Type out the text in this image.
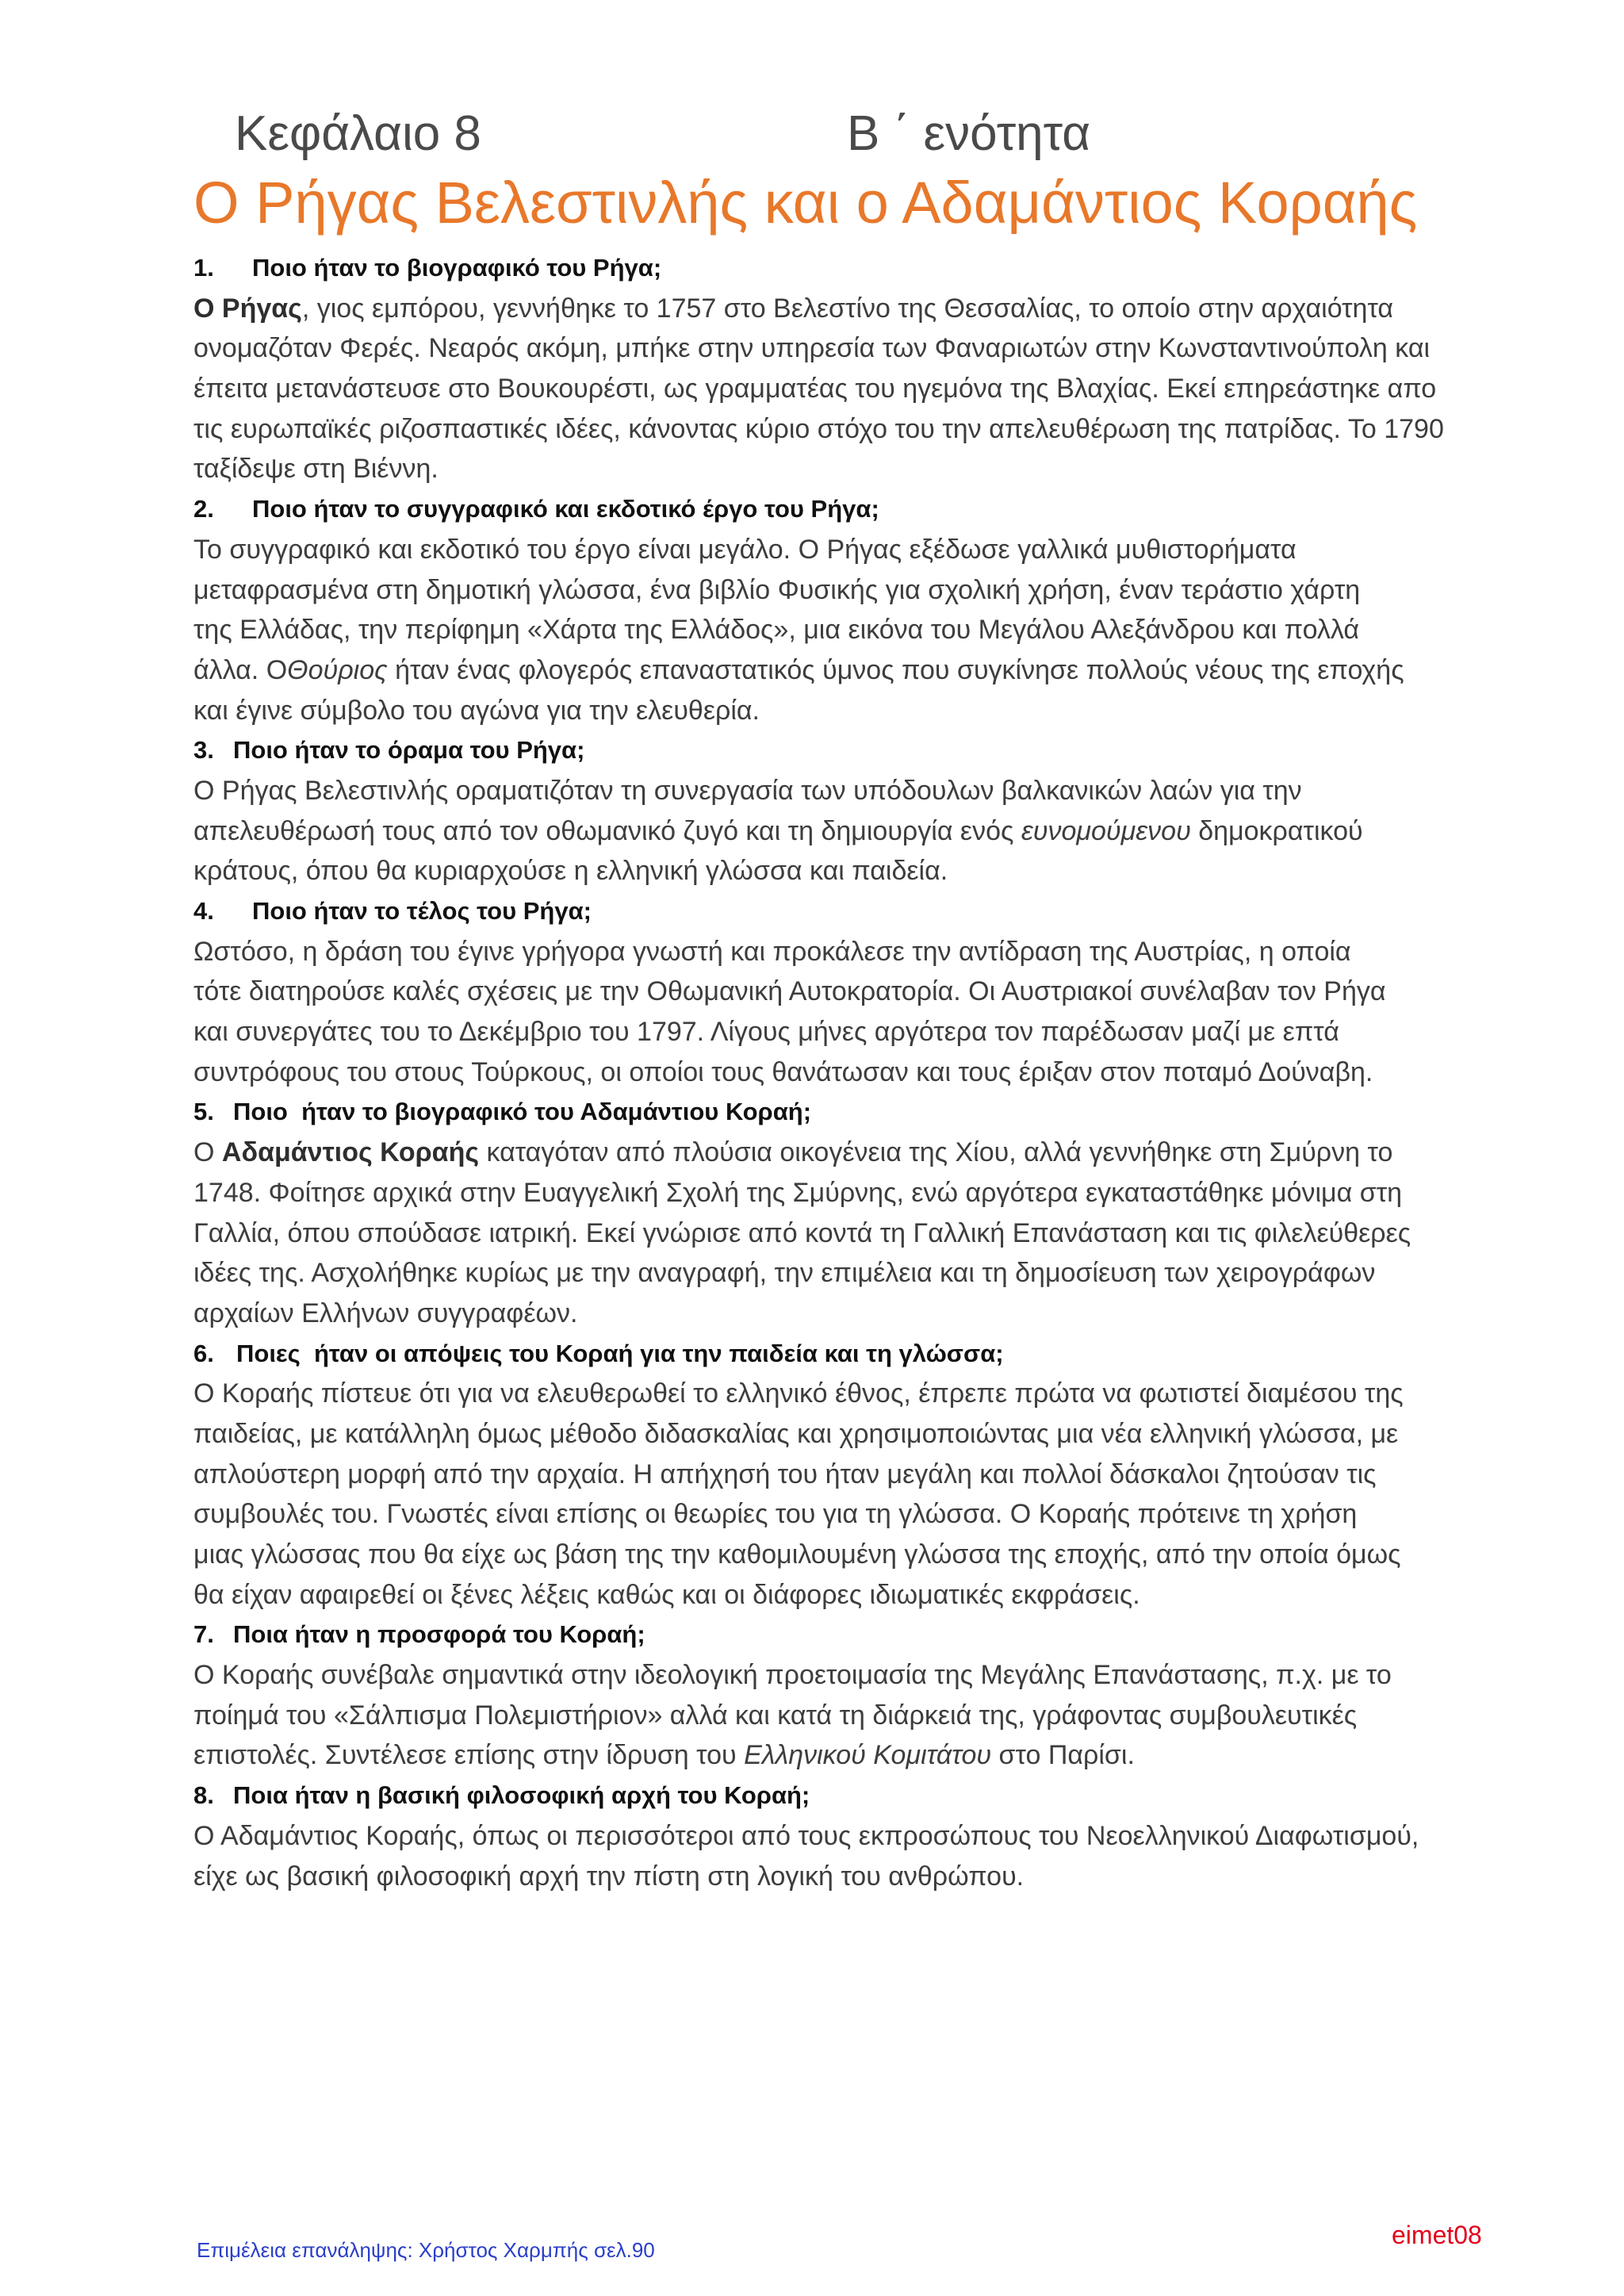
Κεφάλαιο 8	Β ΄ ενότητα
Ο Ρήγας Βελεστινλής και ο Αδαμάντιος Κοραής

1.

Ποιο ήταν το βιογραφικό του Ρήγα;

Ο Ρήγας, γιος εμπόρου, γεννήθηκε το 1757 στο Βελεστίνο της Θεσσαλίας, το οποίο στην αρχαιότητα
ονομαζόταν Φερές. Νεαρός ακόμη, μπήκε στην υπηρεσία των Φαναριωτών στην Κωνσταντινούπολη και
έπειτα μετανάστευσε στο Βουκουρέστι, ως γραμματέας του ηγεμόνα της Βλαχίας. Εκεί επηρεάστηκε απο
τις ευρωπαϊκές ριζοσπαστικές ιδέες, κάνοντας κύριο στόχο του την απελευθέρωση της πατρίδας. Το 1790
ταξίδεψε στη Βιέννη.

2.

Ποιο ήταν το συγγραφικό και εκδοτικό έργο του Ρήγα;

Το συγγραφικό και εκδοτικό του έργο είναι μεγάλο. Ο Ρήγας εξέδωσε γαλλικά μυθιστορήματα
μεταφρασμένα στη δημοτική γλώσσα, ένα βιβλίο Φυσικής για σχολική χρήση, έναν τεράστιο χάρτη
της Ελλάδας, την περίφημη «Χάρτα της Ελλάδος», μια εικόνα του Μεγάλου Αλεξάνδρου και πολλά
άλλα. ΟΘούριος ήταν ένας φλογερός επαναστατικός ύμνος που συγκίνησε πολλούς νέους της εποχής
και έγινε σύμβολο του αγώνα για την ελευθερία.

3.

Ποιο ήταν το όραμα του Ρήγα;

Ο Ρήγας Βελεστινλής οραματιζόταν τη συνεργασία των υπόδουλων βαλκανικών λαών για την
απελευθέρωσή τους από τον οθωμανικό ζυγό και τη δημιουργία ενός ευνομούμενου δημοκρατικού
κράτους, όπου θα κυριαρχούσε η ελληνική γλώσσα και παιδεία.

4.

Ποιο ήταν το τέλος του Ρήγα;

Ωστόσο, η δράση του έγινε γρήγορα γνωστή και προκάλεσε την αντίδραση της Αυστρίας, η οποία
τότε διατηρούσε καλές σχέσεις με την Οθωμανική Αυτοκρατορία. Οι Αυστριακοί συνέλαβαν τον Ρήγα
και συνεργάτες του το Δεκέμβριο του 1797. Λίγους μήνες αργότερα τον παρέδωσαν μαζί με επτά
συντρόφους του στους Τούρκους, οι οποίοι τους θανάτωσαν και τους έριξαν στον ποταμό Δούναβη.

5.

Ποιο  ήταν το βιογραφικό του Αδαμάντιου Κοραή;

Ο Αδαμάντιος Κοραής καταγόταν από πλούσια οικογένεια της Χίου, αλλά γεννήθηκε στη Σμύρνη το
1748. Φοίτησε αρχικά στην Ευαγγελική Σχολή της Σμύρνης, ενώ αργότερα εγκαταστάθηκε μόνιμα στη
Γαλλία, όπου σπούδασε ιατρική. Εκεί γνώρισε από κοντά τη Γαλλική Επανάσταση και τις φιλελεύθερες
ιδέες της. Ασχολήθηκε κυρίως με την αναγραφή, την επιμέλεια και τη δημοσίευση των χειρογράφων
αρχαίων Ελλήνων συγγραφέων.

6.

Ποιες  ήταν οι απόψεις του Κοραή για την παιδεία και τη γλώσσα;

Ο Κοραής πίστευε ότι για να ελευθερωθεί το ελληνικό έθνος, έπρεπε πρώτα να φωτιστεί διαμέσου της
παιδείας, με κατάλληλη όμως μέθοδο διδασκαλίας και χρησιμοποιώντας μια νέα ελληνική γλώσσα, με
απλούστερη μορφή από την αρχαία. Η απήχησή του ήταν μεγάλη και πολλοί δάσκαλοι ζητούσαν τις
συμβουλές του. Γνωστές είναι επίσης οι θεωρίες του για τη γλώσσα. Ο Κοραής πρότεινε τη χρήση
μιας γλώσσας που θα είχε ως βάση της την καθομιλουμένη γλώσσα της εποχής, από την οποία όμως
θα είχαν αφαιρεθεί οι ξένες λέξεις καθώς και οι διάφορες ιδιωματικές εκφράσεις.

7.

Ποια ήταν η προσφορά του Κοραή;

Ο Κοραής συνέβαλε σημαντικά στην ιδεολογική προετοιμασία της Μεγάλης Επανάστασης, π.χ. με το
ποίημά του «Σάλπισμα Πολεμιστήριον» αλλά και κατά τη διάρκειά της, γράφοντας συμβουλευτικές
επιστολές. Συντέλεσε επίσης στην ίδρυση του Ελληνικού Κομιτάτου στο Παρίσι.

8.

Ποια ήταν η βασική φιλοσοφική αρχή του Κοραή;

Ο Αδαμάντιος Κοραής, όπως οι περισσότεροι από τους εκπροσώπους του Νεοελληνικού Διαφωτισμού,
είχε ως βασική φιλοσοφική αρχή την πίστη στη λογική του ανθρώπου.
Επιμέλεια επανάληψης: Χρήστος Χαρμπής σελ.90
eimet08
